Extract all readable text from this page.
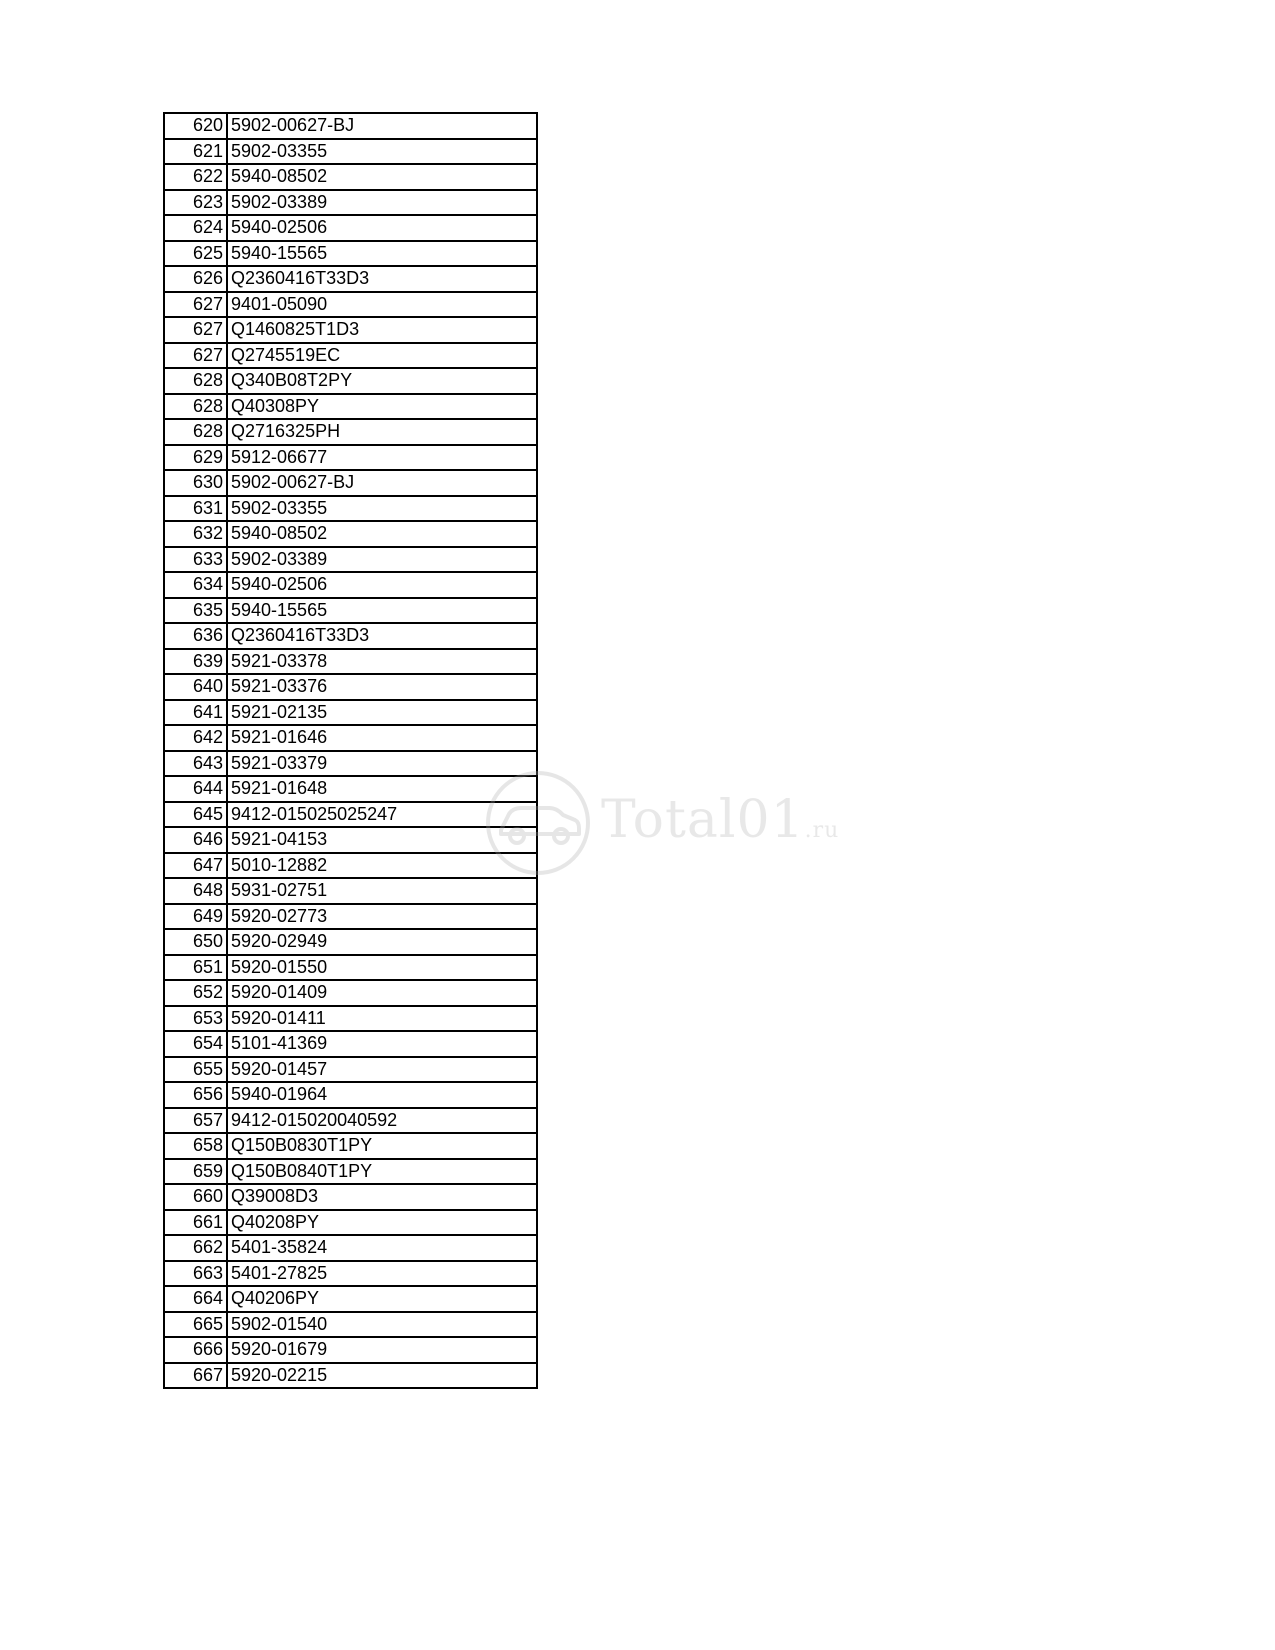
620	5902-00627-BJ
621	5902-03355
622	5940-08502
623	5902-03389
624	5940-02506
625	5940-15565
626	Q2360416T33D3
627	9401-05090
627	Q1460825T1D3
627	Q2745519EC
628	Q340B08T2PY
628	Q40308PY
628	Q2716325PH
629	5912-06677
630	5902-00627-BJ
631	5902-03355
632	5940-08502
633	5902-03389
634	5940-02506
635	5940-15565
636	Q2360416T33D3
639	5921-03378
640	5921-03376
641	5921-02135
642	5921-01646
643	5921-03379
644	5921-01648
645	9412-015025025247
646	5921-04153
647	5010-12882
648	5931-02751
649	5920-02773
650	5920-02949
651	5920-01550
652	5920-01409
653	5920-01411
654	5101-41369
655	5920-01457
656	5940-01964
657	9412-015020040592
658	Q150B0830T1PY
659	Q150B0840T1PY
660	Q39008D3
661	Q40208PY
662	5401-35824
663	5401-27825
664	Q40206PY
665	5902-01540
666	5920-01679
667	5920-02215
Total01.ru
